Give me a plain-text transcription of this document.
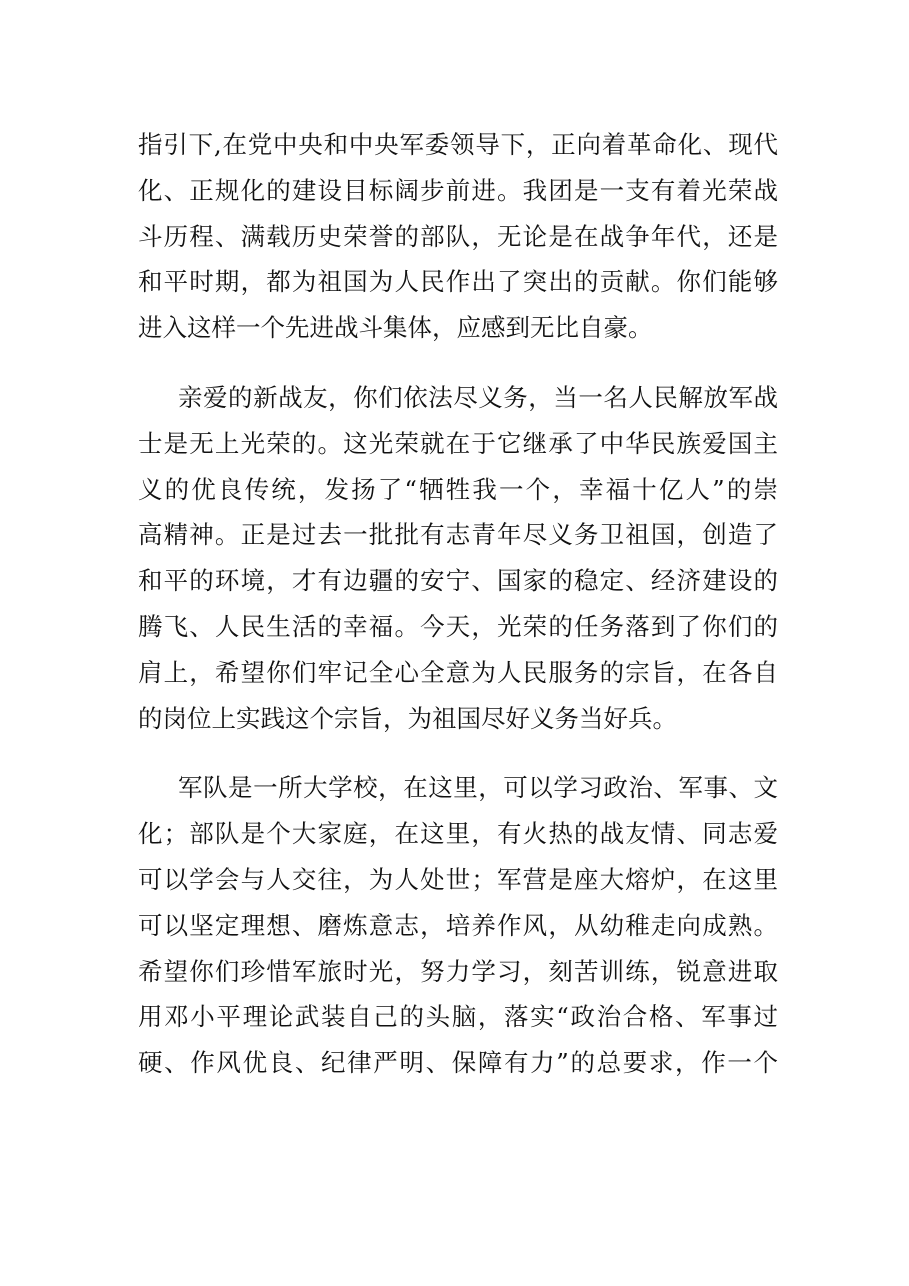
指引下,在党中央和中央军委领导下，正向着革命化、现代
化、正规化的建设目标阔步前进。我团是一支有着光荣战
斗历程、满载历史荣誉的部队，无论是在战争年代，还是
和平时期，都为祖国为人民作出了突出的贡献。你们能够
进入这样一个先进战斗集体，应感到无比自豪。
亲爱的新战友，你们依法尽义务，当一名人民解放军战
士是无上光荣的。这光荣就在于它继承了中华民族爱国主
义的优良传统，发扬了“牺牲我一个，幸福十亿人”的崇
高精神。正是过去一批批有志青年尽义务卫祖国，创造了
和平的环境，才有边疆的安宁、国家的稳定、经济建设的
腾飞、人民生活的幸福。今天，光荣的任务落到了你们的
肩上，希望你们牢记全心全意为人民服务的宗旨，在各自
的岗位上实践这个宗旨，为祖国尽好义务当好兵。
军队是一所大学校，在这里，可以学习政治、军事、文
化；部队是个大家庭，在这里，有火热的战友情、同志爱
可以学会与人交往，为人处世；军营是座大熔炉，在这里
可以坚定理想、磨炼意志，培养作风，从幼稚走向成熟。
希望你们珍惜军旅时光，努力学习，刻苦训练，锐意进取
用邓小平理论武装自己的头脑，落实“政治合格、军事过
硬、作风优良、纪律严明、保障有力”的总要求，作一个
